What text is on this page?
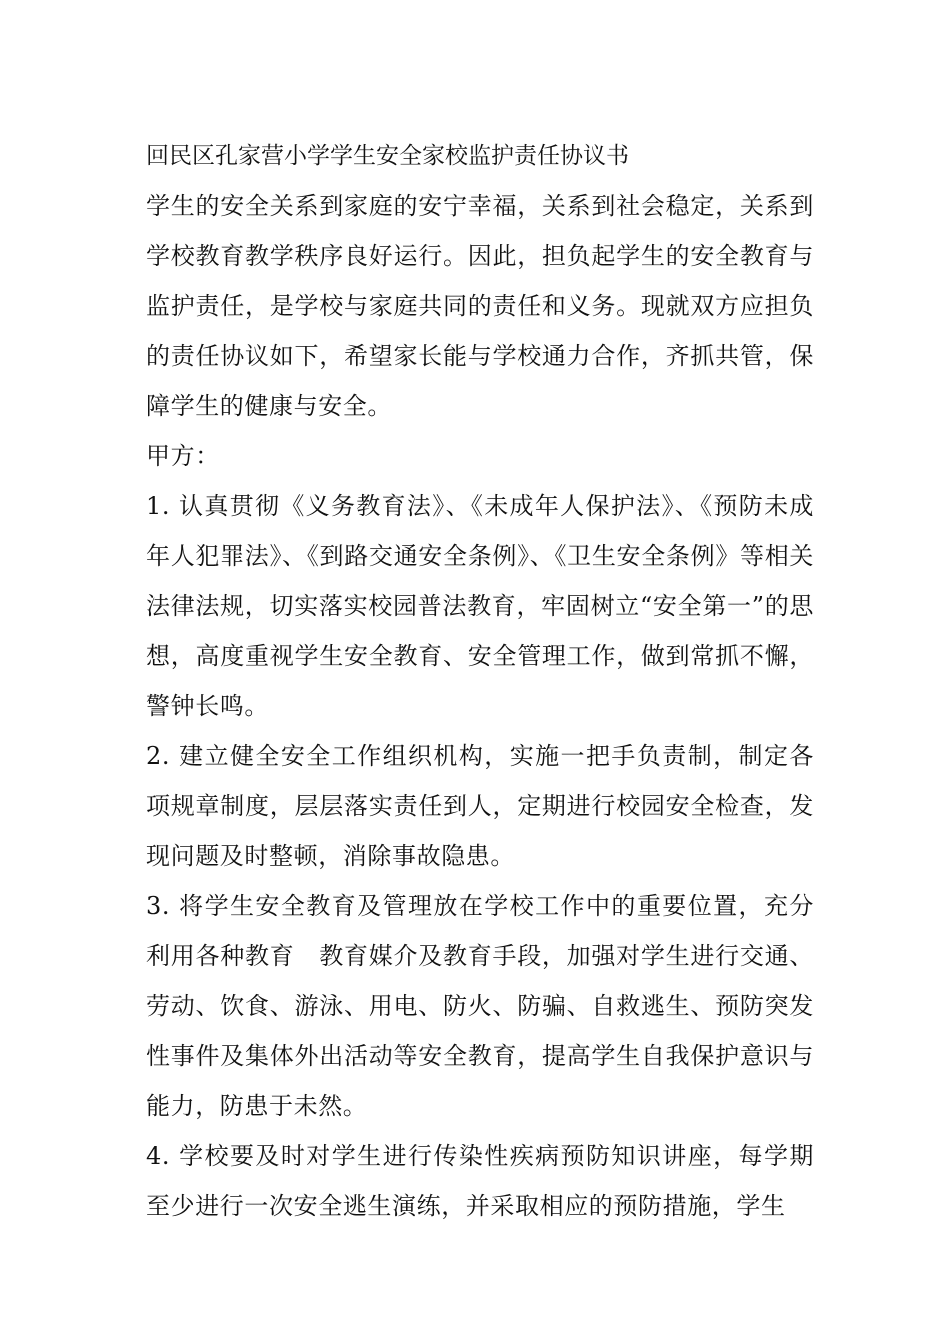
回民区孔家营小学学生安全家校监护责任协议书

学生的安全关系到家庭的安宁幸福，关系到社会稳定，关系到学校教育教学秩序良好运行。因此，担负起学生的安全教育与监护责任，是学校与家庭共同的责任和义务。现就双方应担负的责任协议如下，希望家长能与学校通力合作，齐抓共管，保障学生的健康与安全。

甲方：

1. 认真贯彻《义务教育法》、《未成年人保护法》、《预防未成年人犯罪法》、《到路交通安全条例》、《卫生安全条例》等相关法律法规，切实落实校园普法教育，牢固树立“安全第一”的思想，高度重视学生安全教育、安全管理工作，做到常抓不懈，警钟长鸣。

2. 建立健全安全工作组织机构，实施一把手负责制，制定各项规章制度，层层落实责任到人，定期进行校园安全检查，发现问题及时整顿，消除事故隐患。

3. 将学生安全教育及管理放在学校工作中的重要位置，充分利用各种教育　教育媒介及教育手段，加强对学生进行交通、劳动、饮食、游泳、用电、防火、防骗、自救逃生、预防突发性事件及集体外出活动等安全教育，提高学生自我保护意识与能力，防患于未然。

4. 学校要及时对学生进行传染性疾病预防知识讲座，每学期至少进行一次安全逃生演练，并采取相应的预防措施，学生
